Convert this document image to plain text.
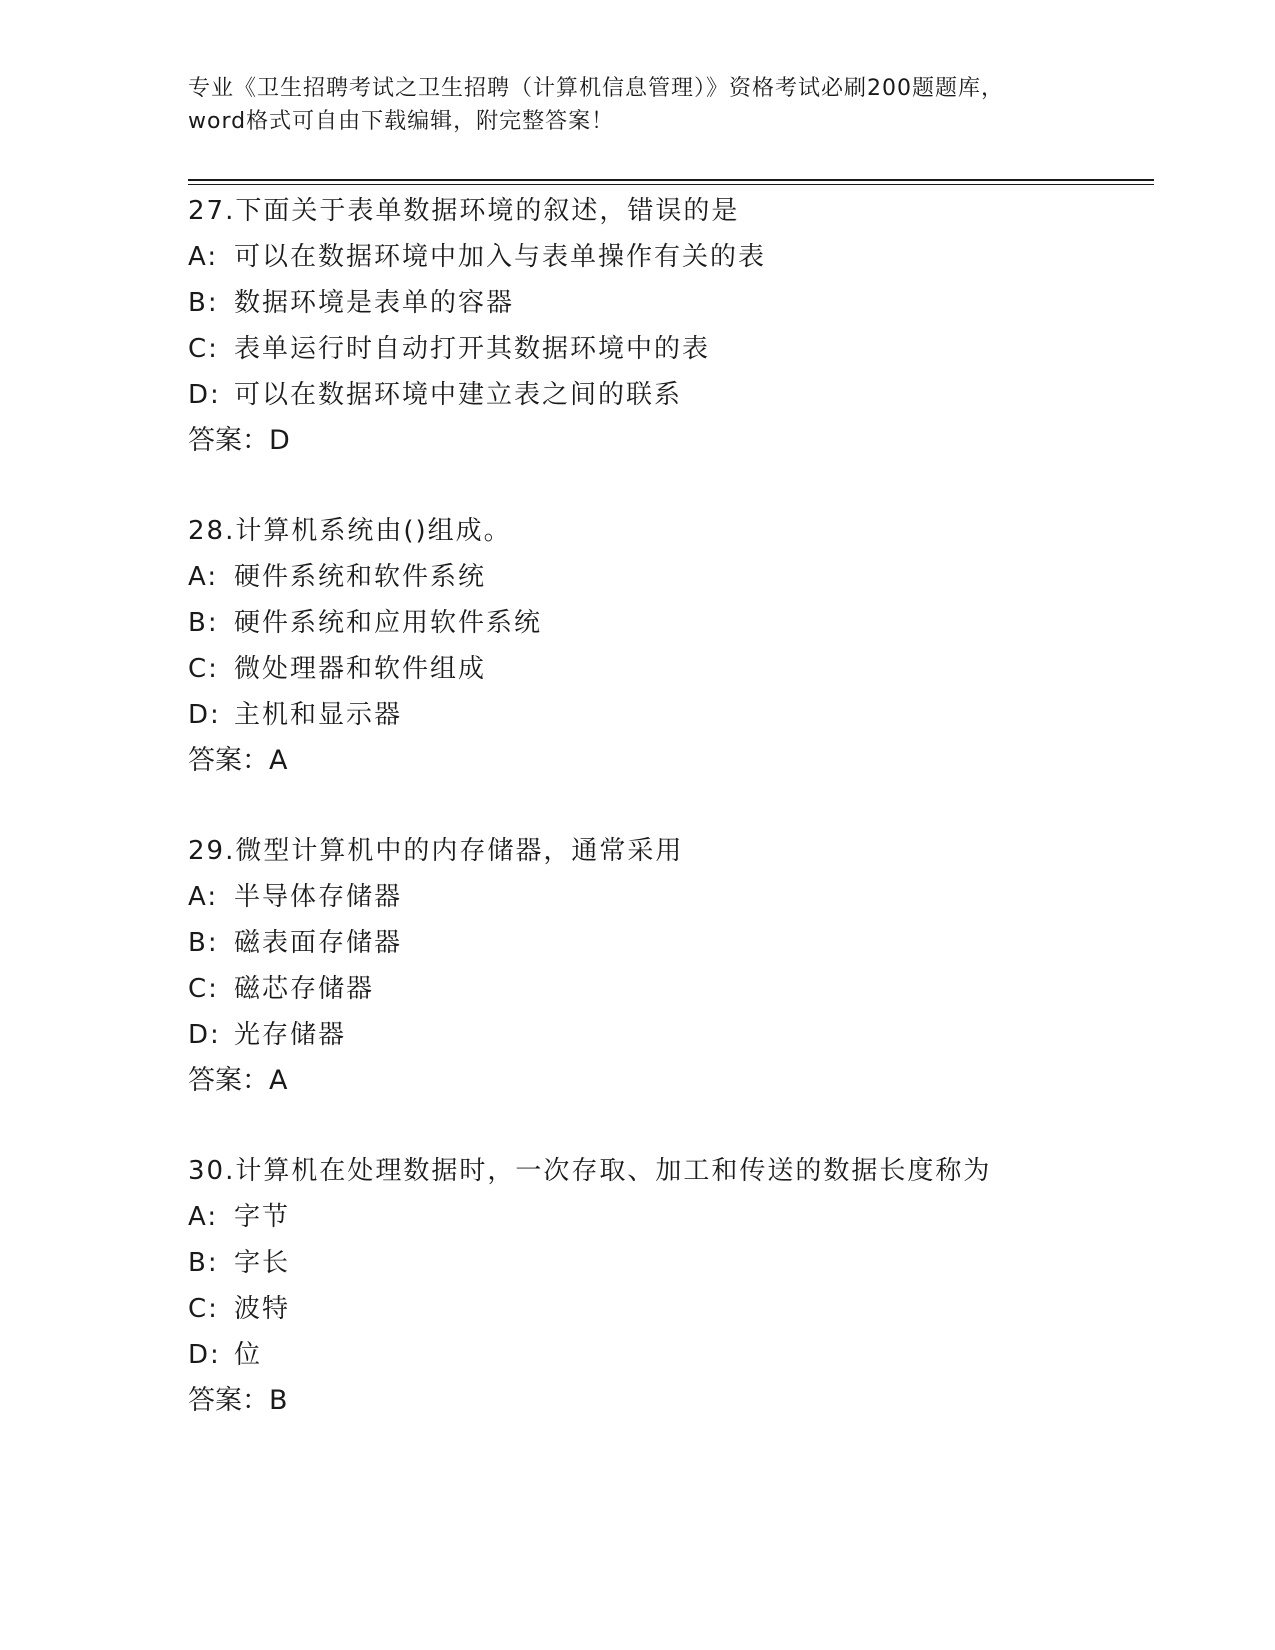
专业《卫生招聘考试之卫生招聘（计算机信息管理）》资格考试必刷200题题库，
word格式可自由下载编辑，附完整答案！
27.下面关于表单数据环境的叙述，错误的是
A: 可以在数据环境中加入与表单操作有关的表
B: 数据环境是表单的容器
C: 表单运行时自动打开其数据环境中的表
D: 可以在数据环境中建立表之间的联系
答案：D
28.计算机系统由()组成。
A: 硬件系统和软件系统
B: 硬件系统和应用软件系统
C: 微处理器和软件组成
D: 主机和显示器
答案：A
29.微型计算机中的内存储器，通常采用
A: 半导体存储器
B: 磁表面存储器
C: 磁芯存储器
D: 光存储器
答案：A
30.计算机在处理数据时，一次存取、加工和传送的数据长度称为
A: 字节
B: 字长
C: 波特
D: 位
答案：B
